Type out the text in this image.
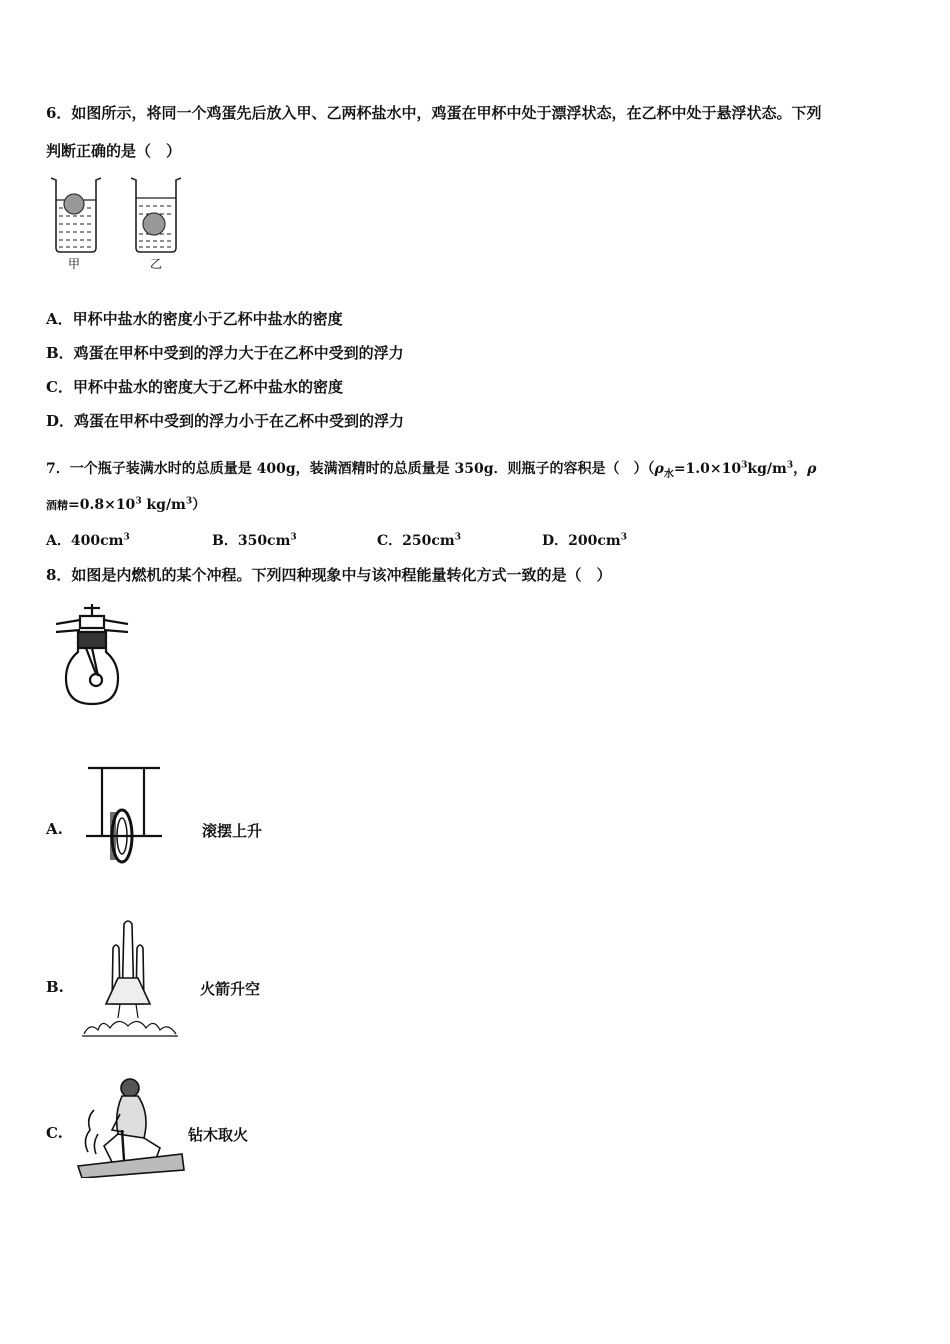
6．如图所示，将同一个鸡蛋先后放入甲、乙两杯盐水中，鸡蛋在甲杯中处于漂浮状态，在乙杯中处于悬浮状态。下列
判断正确的是（　）
甲	乙
A．甲杯中盐水的密度小于乙杯中盐水的密度
B．鸡蛋在甲杯中受到的浮力大于在乙杯中受到的浮力
C．甲杯中盐水的密度大于乙杯中盐水的密度
D．鸡蛋在甲杯中受到的浮力小于在乙杯中受到的浮力
7．一个瓶子装满水时的总质量是 400g，装满酒精时的总质量是 350g．则瓶子的容积是（　）（$\rho_水=1.0\times 10^3kg/m^3$，ρ
酒精$=0.8\times 10^3$ $kg/m^3$）
A．$400cm^3$	B．$350cm^3$	C．$250cm^3$	D．$200cm^3$
8．如图是内燃机的某个冲程。下列四种现象中与该冲程能量转化方式一致的是（　）
A.	滚摆上升
B.	火箭升空
C.	钻木取火
